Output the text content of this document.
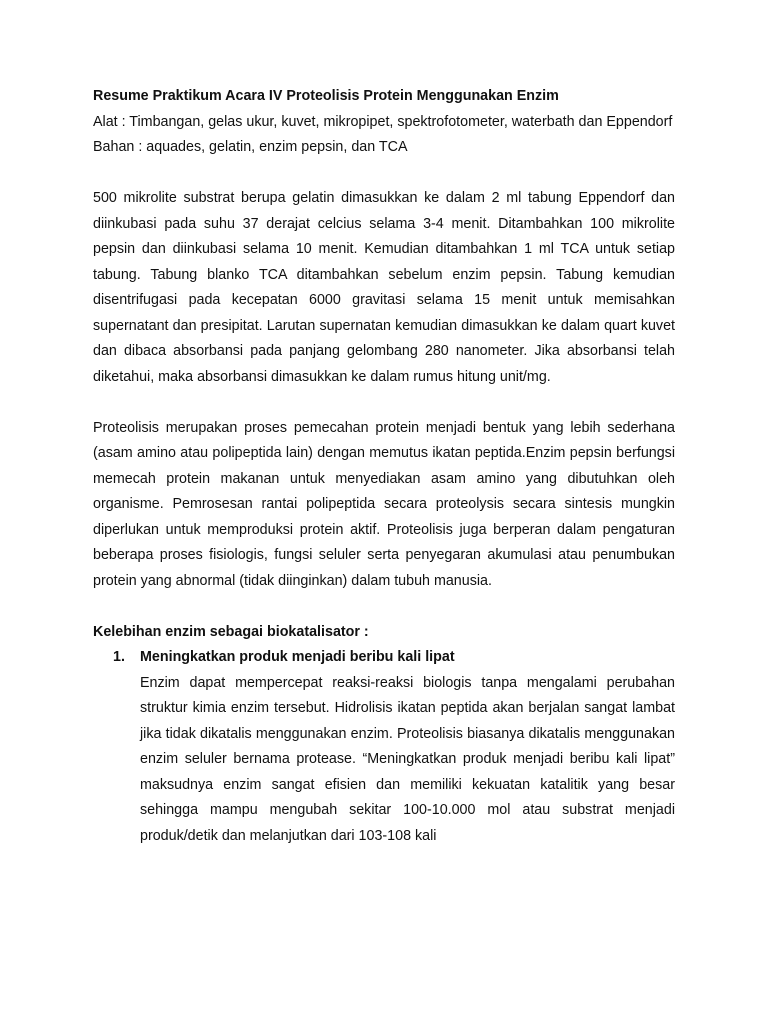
Resume Praktikum Acara IV Proteolisis Protein Menggunakan Enzim

Alat : Timbangan, gelas ukur, kuvet, mikropipet, spektrofotometer, waterbath dan Eppendorf

Bahan : aquades, gelatin, enzim pepsin, dan TCA

500 mikrolite substrat berupa gelatin dimasukkan ke dalam 2 ml tabung Eppendorf dan diinkubasi pada suhu 37 derajat celcius selama 3-4 menit. Ditambahkan 100 mikrolite pepsin dan diinkubasi selama 10 menit. Kemudian ditambahkan 1 ml TCA untuk setiap tabung. Tabung blanko TCA ditambahkan sebelum enzim pepsin. Tabung kemudian disentrifugasi pada kecepatan 6000 gravitasi selama 15 menit untuk memisahkan supernatant dan presipitat. Larutan supernatan kemudian dimasukkan ke dalam quart kuvet dan dibaca absorbansi pada panjang gelombang 280 nanometer. Jika absorbansi telah diketahui, maka absorbansi dimasukkan ke dalam rumus hitung unit/mg.

Proteolisis merupakan proses pemecahan protein menjadi bentuk yang lebih sederhana (asam amino atau polipeptida lain) dengan memutus ikatan peptida.Enzim pepsin berfungsi memecah protein makanan untuk menyediakan asam amino yang dibutuhkan oleh organisme. Pemrosesan rantai polipeptida secara proteolysis secara sintesis mungkin diperlukan untuk memproduksi protein aktif. Proteolisis juga berperan dalam pengaturan beberapa proses fisiologis, fungsi seluler serta penyegaran akumulasi atau penumbukan protein yang abnormal (tidak diinginkan) dalam tubuh manusia.

Kelebihan enzim sebagai biokatalisator :

1.	Meningkatkan produk menjadi beribu kali lipat

Enzim dapat mempercepat reaksi-reaksi biologis tanpa mengalami perubahan struktur kimia enzim tersebut. Hidrolisis ikatan peptida akan berjalan sangat lambat jika tidak dikatalis menggunakan enzim. Proteolisis biasanya dikatalis menggunakan enzim seluler bernama protease. “Meningkatkan produk menjadi beribu kali lipat” maksudnya enzim sangat efisien dan memiliki kekuatan katalitik yang besar sehingga mampu mengubah sekitar 100-10.000 mol atau substrat menjadi produk/detik dan melanjutkan dari 103-108 kali
